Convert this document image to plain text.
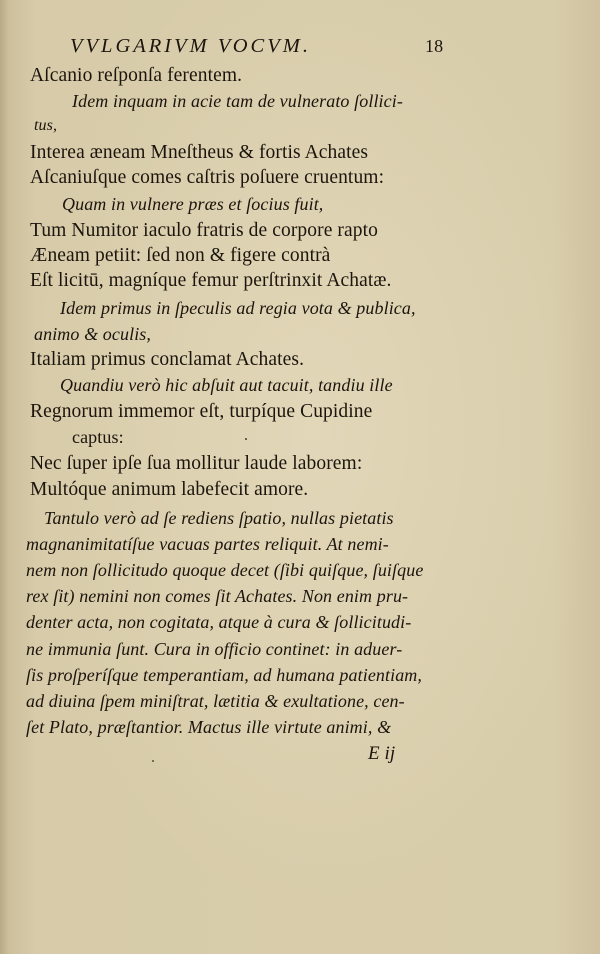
VVLGARIVM VOCVM.	18
Aſcanio reſponſa ferentem.
Idem inquam in acie tam de vulnerato ſollici-
tus,
Interea æneam Mneſtheus & fortis Achates
Aſcaniuſque comes caſtris poſuere cruentum:
Quam in vulnere præs et ſocius fuit,
Tum Numitor iaculo fratris de corpore rapto
Æneam petiit: ſed non & figere contrà
Eſt licitū, magníque femur perſtrinxit Achatæ.
Idem primus in ſpeculis ad regia vota & publica,
animo & oculis,
Italiam primus conclamat Achates.
Quandiu verò hic abſuit aut tacuit, tandiu ille
Regnorum immemor eſt, turpíque Cupidine
captus:
Nec ſuper ipſe ſua mollitur laude laborem:
Multóque animum labefecit amore.
Tantulo verò ad ſe rediens ſpatio, nullas pietatis
magnanimitatíſue vacuas partes reliquit. At nemi-
nem non ſollicitudo quoque decet (ſibi quiſque, ſuiſque
rex ſit) nemini non comes ſit Achates. Non enim pru-
denter acta, non cogitata, atque à cura & ſollicitudi-
ne immunia ſunt. Cura in officio continet: in aduer-
ſis proſperíſque temperantiam, ad humana patientiam,
ad diuina ſpem miniſtrat, lætitia & exultatione, cen-
ſet Plato, præſtantior. Mactus ille virtute animi, &
E ij
